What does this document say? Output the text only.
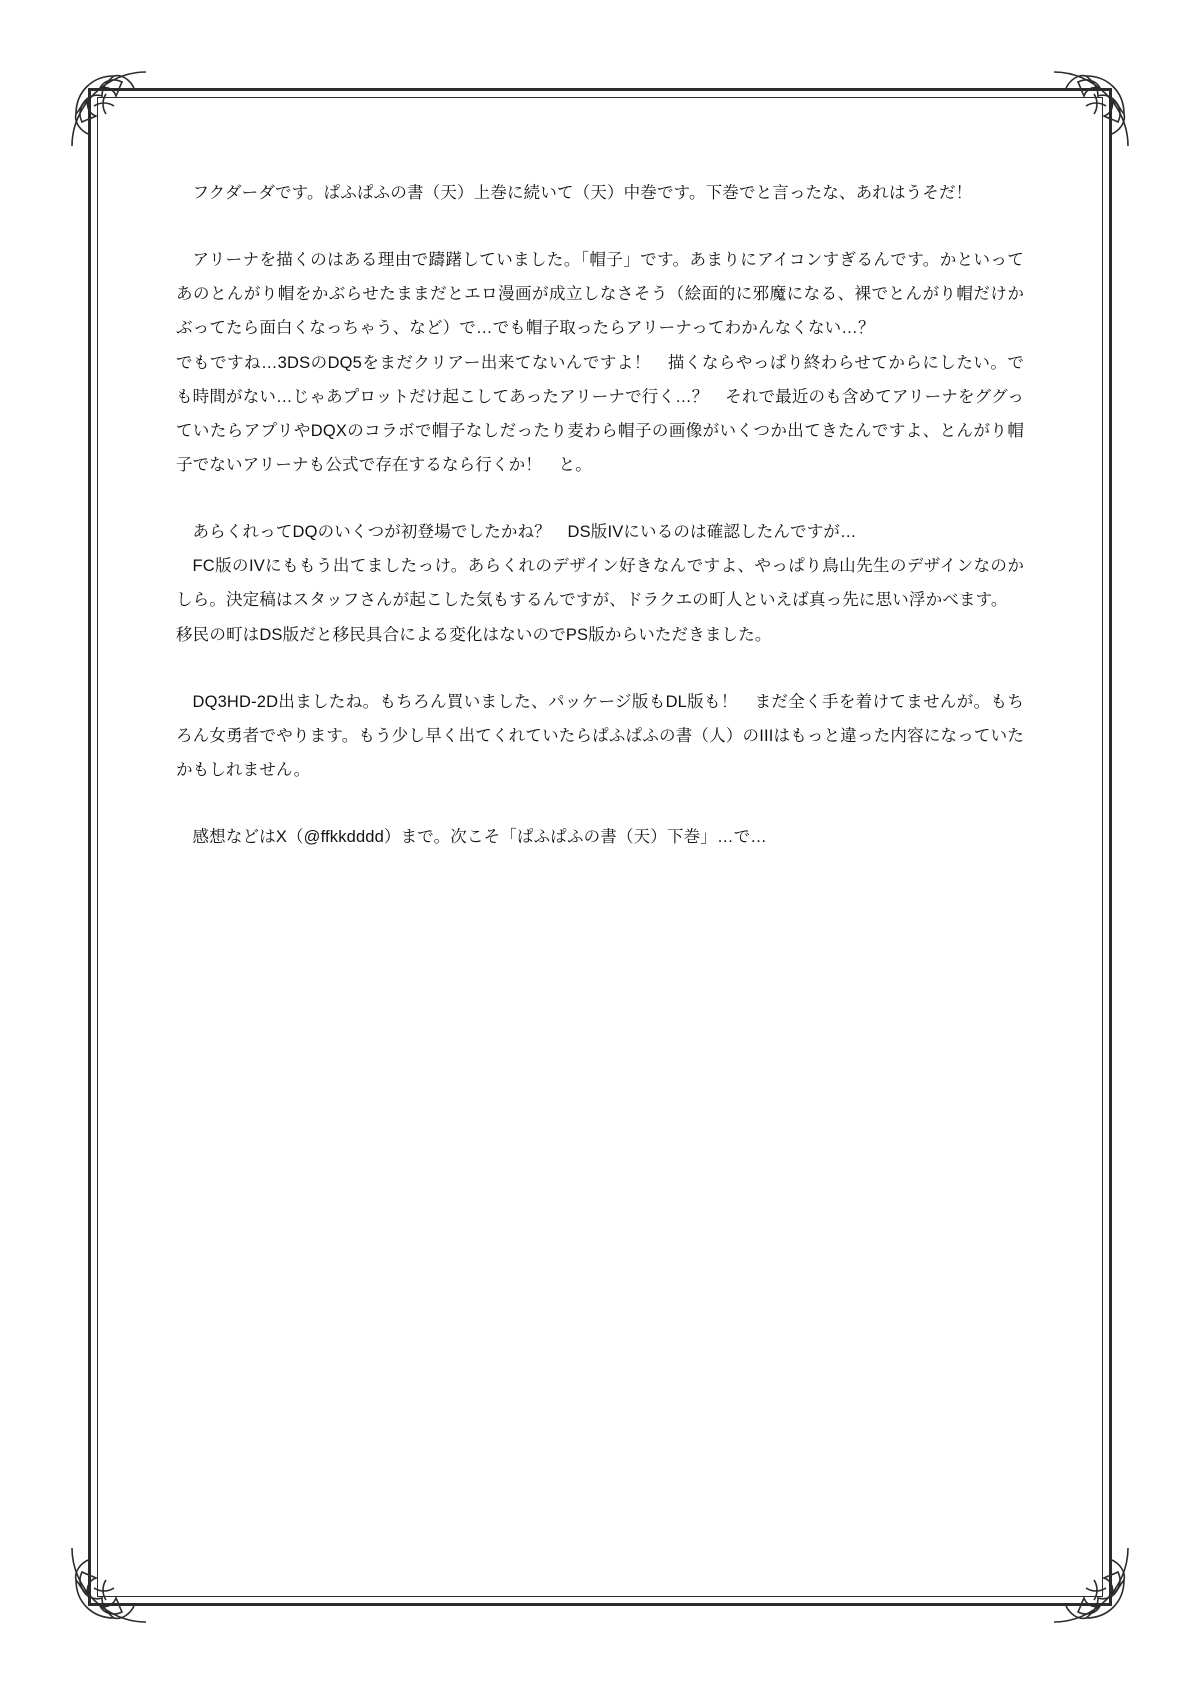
フクダーダです。ぱふぱふの書（天）上巻に続いて（天）中巻です。下巻でと言ったな、あれはうそだ！

アリーナを描くのはある理由で躊躇していました。「帽子」です。あまりにアイコンすぎるんです。かといってあのとんがり帽をかぶらせたままだとエロ漫画が成立しなさそう（絵面的に邪魔になる、裸でとんがり帽だけかぶってたら面白くなっちゃう、など）で…でも帽子取ったらアリーナってわかんなくない…？

でもですね…3DSのDQ5をまだクリアー出来てないんですよ！　描くならやっぱり終わらせてからにしたい。でも時間がない…じゃあプロットだけ起こしてあったアリーナで行く…？　それで最近のも含めてアリーナをググっていたらアプリやDQXのコラボで帽子なしだったり麦わら帽子の画像がいくつか出てきたんですよ、とんがり帽子でないアリーナも公式で存在するなら行くか！　と。

あらくれってDQのいくつが初登場でしたかね？　DS版IVにいるのは確認したんですが…

FC版のIVにももう出てましたっけ。あらくれのデザイン好きなんですよ、やっぱり鳥山先生のデザインなのかしら。決定稿はスタッフさんが起こした気もするんですが、ドラクエの町人といえば真っ先に思い浮かべます。

移民の町はDS版だと移民具合による変化はないのでPS版からいただきました。

DQ3HD-2D出ましたね。もちろん買いました、パッケージ版もDL版も！　まだ全く手を着けてませんが。もちろん女勇者でやります。もう少し早く出てくれていたらぱふぱふの書（人）のIIIはもっと違った内容になっていたかもしれません。

感想などはX（@ffkkdddd）まで。次こそ「ぱふぱふの書（天）下巻」…で…
